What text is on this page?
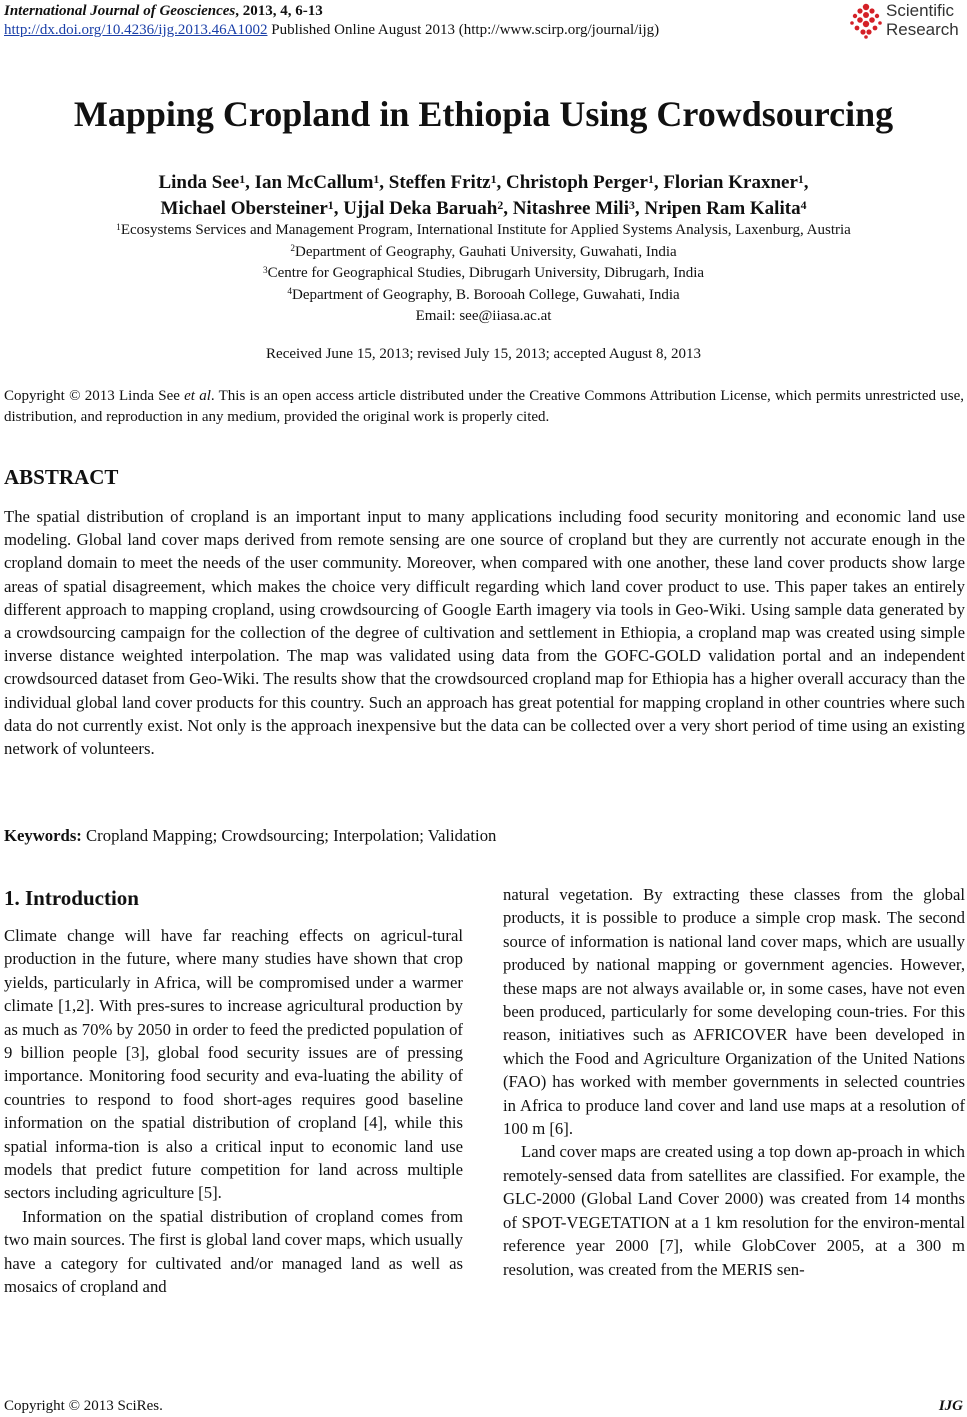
International Journal of Geosciences, 2013, 4, 6-13
http://dx.doi.org/10.4236/ijg.2013.46A1002 Published Online August 2013 (http://www.scirp.org/journal/ijg)
Scientific
Research
Mapping Cropland in Ethiopia Using Crowdsourcing
Linda See$^1$, Ian McCallum$^1$, Steffen Fritz$^1$, Christoph Perger$^1$, Florian Kraxner$^1$,
Michael Obersteiner$^1$, Ujjal Deka Baruah$^2$, Nitashree Mili$^3$, Nripen Ram Kalita$^4$
$^1$Ecosystems Services and Management Program, International Institute for Applied Systems Analysis, Laxenburg, Austria
$^2$Department of Geography, Gauhati University, Guwahati, India
$^3$Centre for Geographical Studies, Dibrugarh University, Dibrugarh, India
$^4$Department of Geography, B. Borooah College, Guwahati, India
Email: see@iiasa.ac.at
Received June 15, 2013; revised July 15, 2013; accepted August 8, 2013
Copyright © 2013 Linda See et al. This is an open access article distributed under the Creative Commons Attribution License, which permits unrestricted use, distribution, and reproduction in any medium, provided the original work is properly cited.
ABSTRACT
The spatial distribution of cropland is an important input to many applications including food security monitoring and economic land use modeling. Global land cover maps derived from remote sensing are one source of cropland but they are currently not accurate enough in the cropland domain to meet the needs of the user community. Moreover, when compared with one another, these land cover products show large areas of spatial disagreement, which makes the choice very difficult regarding which land cover product to use. This paper takes an entirely different approach to mapping cropland, using crowdsourcing of Google Earth imagery via tools in Geo-Wiki. Using sample data generated by a crowdsourcing campaign for the collection of the degree of cultivation and settlement in Ethiopia, a cropland map was created using simple inverse distance weighted interpolation. The map was validated using data from the GOFC-GOLD validation portal and an independent crowdsourced dataset from Geo-Wiki. The results show that the crowdsourced cropland map for Ethiopia has a higher overall accuracy than the individual global land cover products for this country. Such an approach has great potential for mapping cropland in other countries where such data do not currently exist. Not only is the approach inexpensive but the data can be collected over a very short period of time using an existing network of volunteers.
Keywords: Cropland Mapping; Crowdsourcing; Interpolation; Validation
1. Introduction

Climate change will have far reaching effects on agricul-tural production in the future, where many studies have shown that crop yields, particularly in Africa, will be compromised under a warmer climate [1,2]. With pres-sures to increase agricultural production by as much as 70% by 2050 in order to feed the predicted population of 9 billion people [3], global food security issues are of pressing importance. Monitoring food security and eva-luating the ability of countries to respond to food short-ages requires good baseline information on the spatial distribution of cropland [4], while this spatial informa-tion is also a critical input to economic land use models that predict future competition for land across multiple sectors including agriculture [5].

Information on the spatial distribution of cropland comes from two main sources. The first is global land cover maps, which usually have a category for cultivated and/or managed land as well as mosaics of cropland and

natural vegetation. By extracting these classes from the global products, it is possible to produce a simple crop mask. The second source of information is national land cover maps, which are usually produced by national mapping or government agencies. However, these maps are not always available or, in some cases, have not even been produced, particularly for some developing coun-tries. For this reason, initiatives such as AFRICOVER have been developed in which the Food and Agriculture Organization of the United Nations (FAO) has worked with member governments in selected countries in Africa to produce land cover and land use maps at a resolution of 100 m [6].

Land cover maps are created using a top down ap-proach in which remotely-sensed data from satellites are classified. For example, the GLC-2000 (Global Land Cover 2000) was created from 14 months of SPOT-VEGETATION at a 1 km resolution for the environ-mental reference year 2000 [7], while GlobCover 2005, at a 300 m resolution, was created from the MERIS sen-

Copyright © 2013 SciRes.	IJG
